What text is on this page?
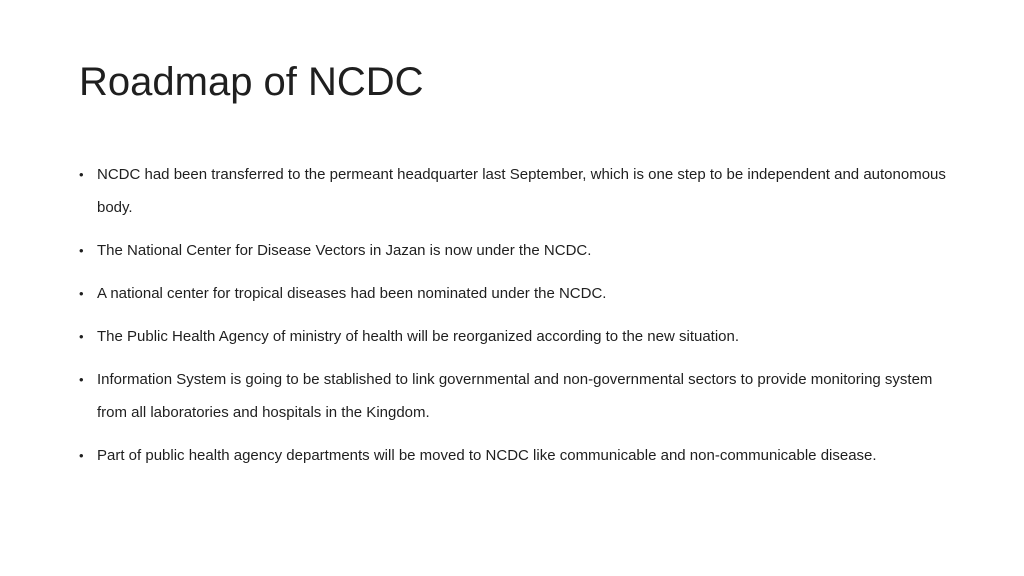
Roadmap of NCDC
• NCDC had been transferred to the permeant headquarter last September, which is one step to be independent and autonomous body.
• The National Center for Disease Vectors in Jazan is now under the NCDC.
• A national center for tropical diseases had been nominated under the NCDC.
• The Public Health Agency of ministry of health will be reorganized according to the new situation.
• Information System is going to be stablished to link governmental and non-governmental sectors to provide monitoring system from all laboratories and hospitals in the Kingdom.
• Part of public health agency departments will be moved to NCDC like communicable and non-communicable disease.
